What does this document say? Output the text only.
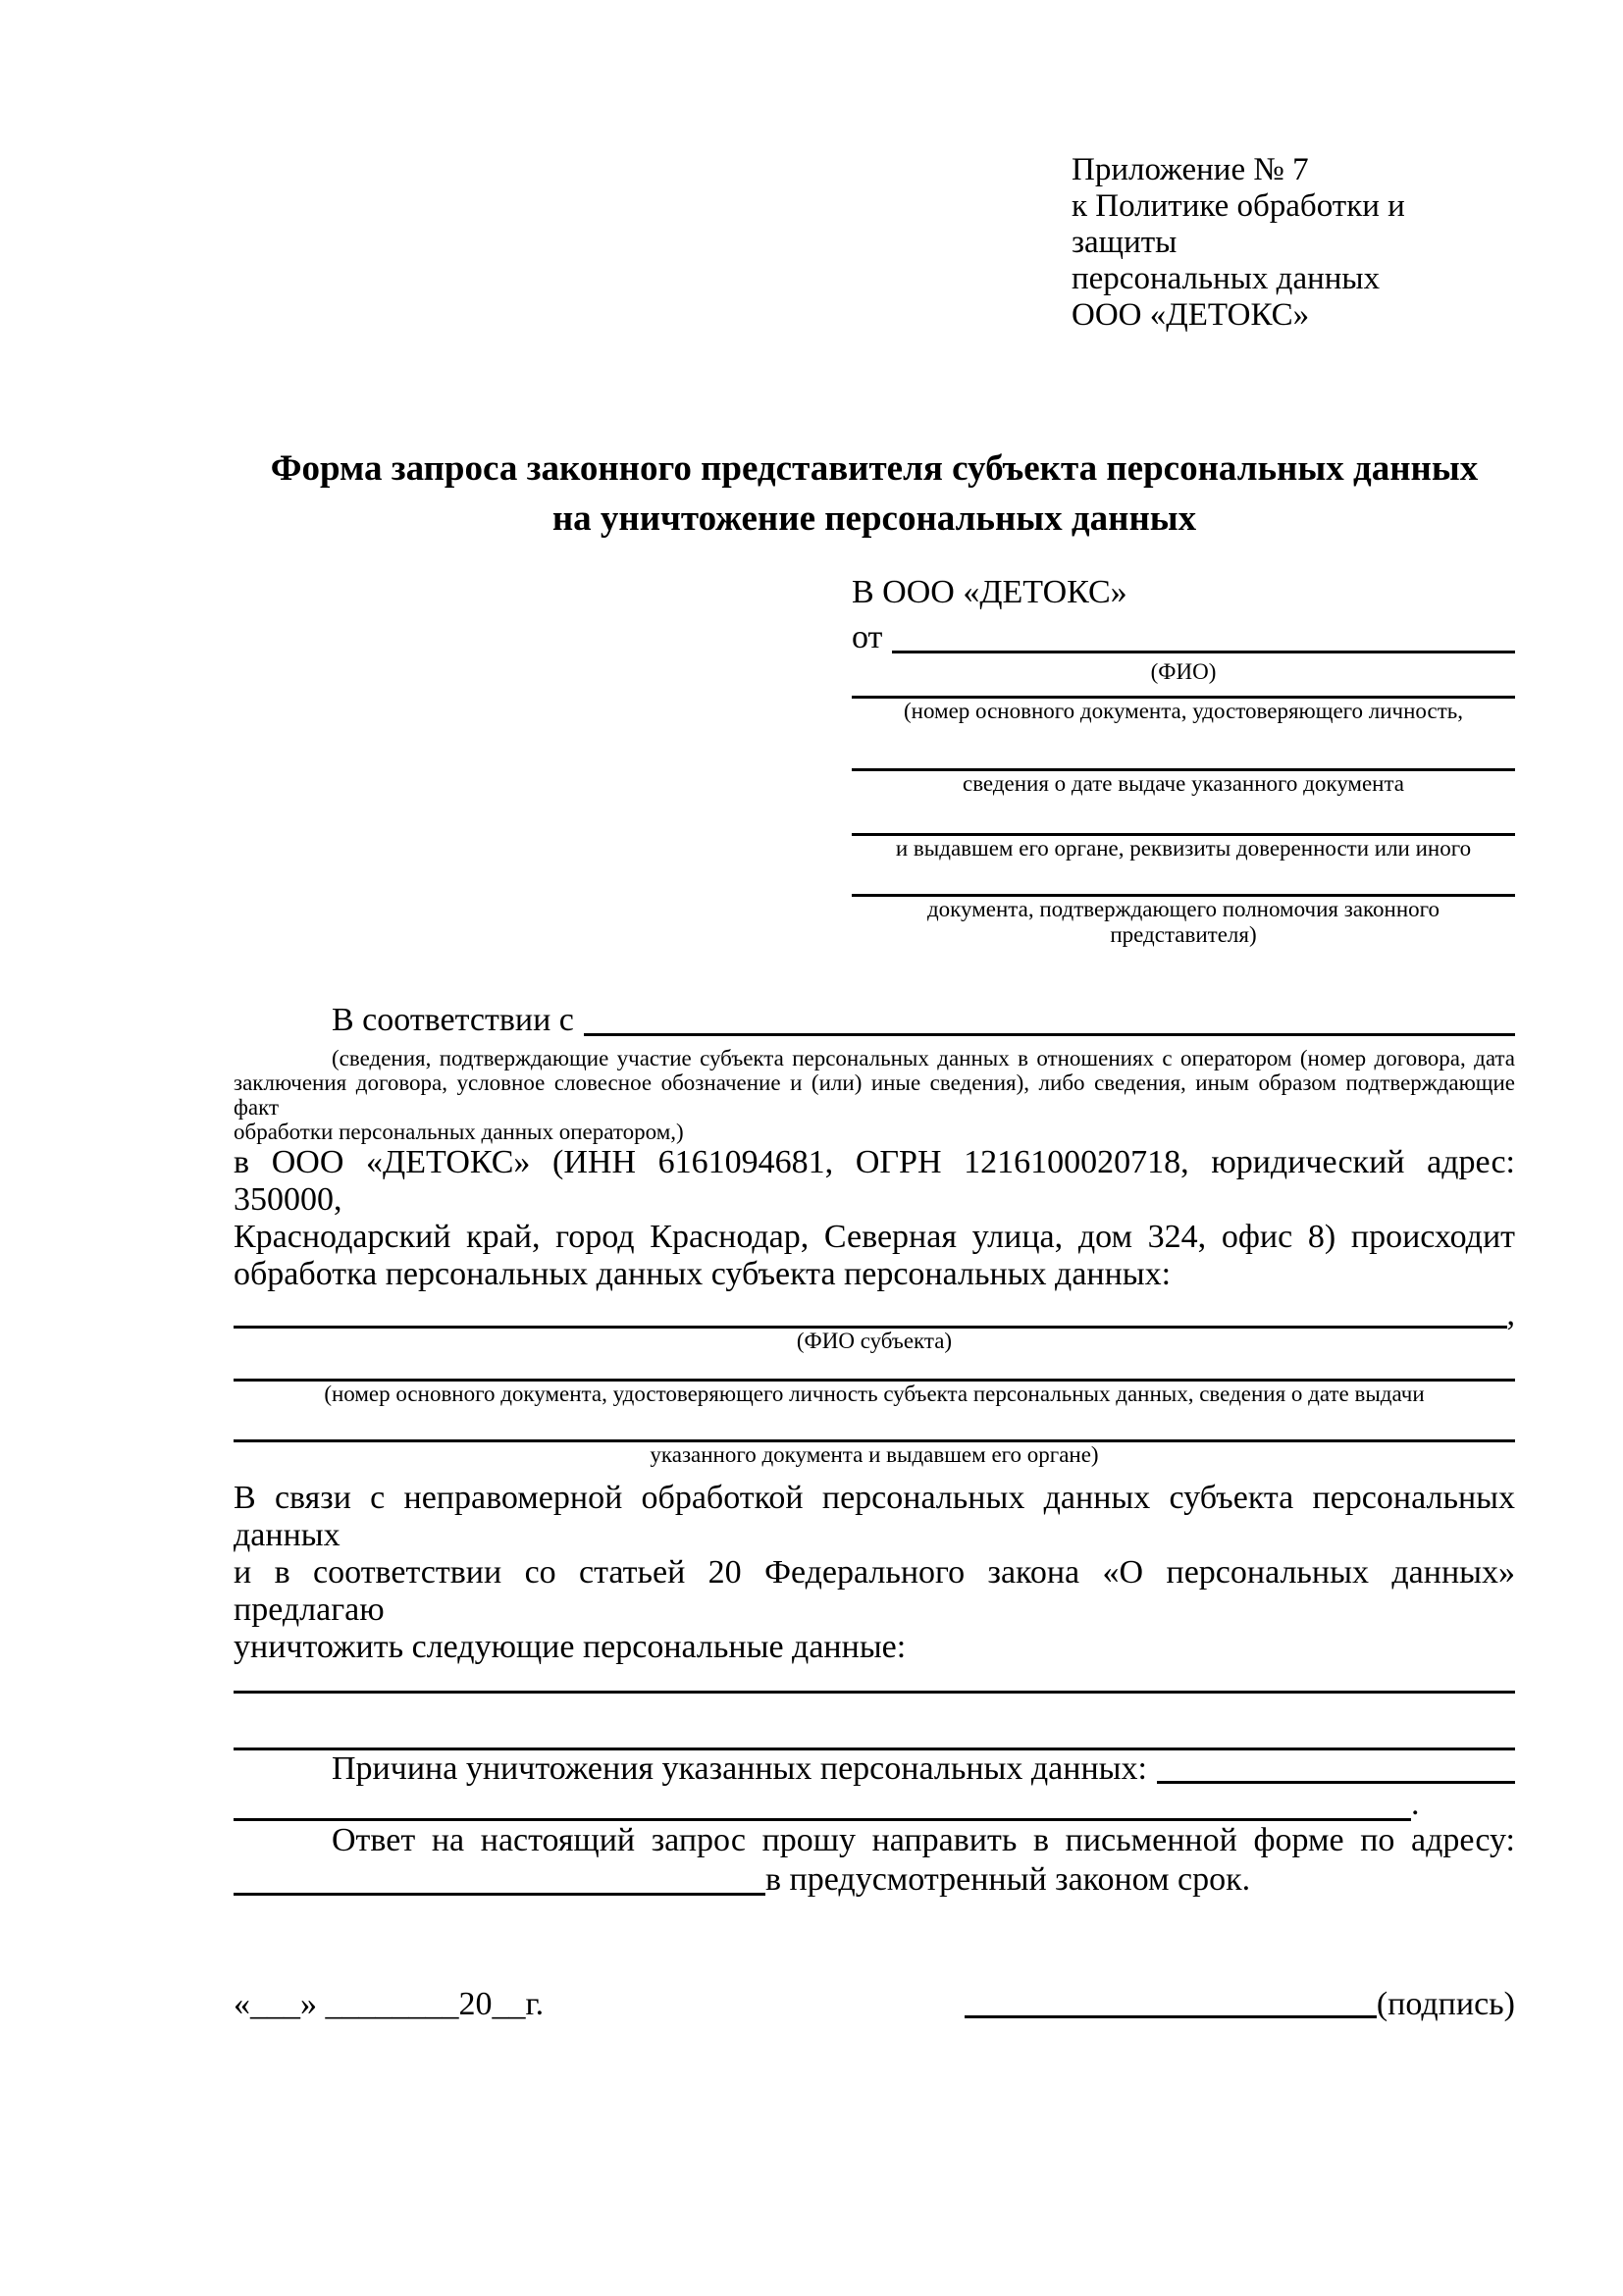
Приложение № 7
к Политике обработки и защиты
персональных данных
ООО «ДЕТОКС»
Форма запроса законного представителя субъекта персональных данных
на уничтожение персональных данных
В ООО «ДЕТОКС»
от
(ФИО)
(номер основного документа, удостоверяющего личность,
сведения о дате выдаче указанного документа
и выдавшем его органе, реквизиты доверенности или иного
документа, подтверждающего полномочия законного представителя)
В соответствии с
(сведения, подтверждающие участие субъекта персональных данных в отношениях с оператором (номер договора, дата
заключения договора, условное словесное обозначение и (или) иные сведения), либо сведения, иным образом подтверждающие факт
обработки персональных данных оператором,)
в ООО «ДЕТОКС» (ИНН 6161094681, ОГРН 1216100020718, юридический адрес: 350000,
Краснодарский край, город Краснодар, Северная улица, дом 324, офис 8) происходит
обработка персональных данных субъекта персональных данных:
,
(ФИО субъекта)
(номер основного документа, удостоверяющего личность субъекта персональных данных, сведения о дате выдачи
указанного документа и выдавшем его органе)
В связи с неправомерной обработкой персональных данных субъекта персональных данных
и в соответствии со статьей 20 Федерального закона «О персональных данных» предлагаю
уничтожить следующие персональные данные:
Причина уничтожения указанных персональных данных:
.
Ответ на настоящий запрос прошу направить в письменной форме по адресу:
в предусмотренный законом срок.
«___» ________20__г.	(подпись)
